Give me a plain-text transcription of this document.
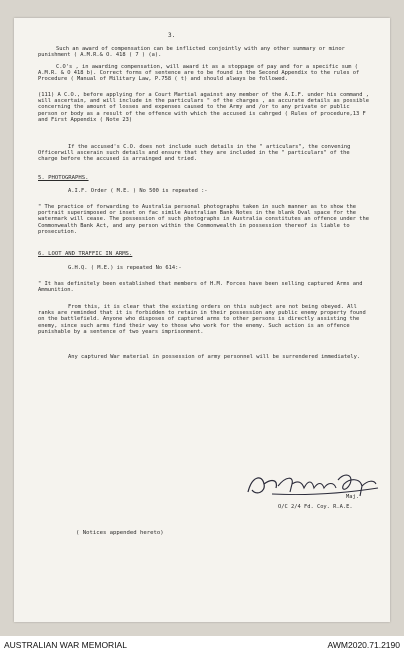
3.
Such an award of compensation can be inflicted conjointly with any other summary or minor punishment ( A.M.R.& O. 418 ( 7 ) (a).
C.O's , in awarding compensation, will award it as a stoppage of pay and for a specific sum ( A.M.R. & O 418 b). Correct forms of sentence are to be found in the Second Appendix to the rules of Procedure ( Manual of Military Law, P.758 ( t) and should always be followed.
(111) A C.O., before applying for a Court Martial against any member of the A.I.F. under his command , will ascertain, and will include in the particulars " of the charges , as accurate details as possible concerning the amount of losses and expenses caused to the Army and /or to any private or public person or body as a result of the offence with which the accused is cahrged ( Rules of procedure,13 F and First Appendix ( Note 23)
If the accused's C.O. does not include such details in the " articulars", the convening Officerwill ascerain such details and ensure that they are included in the " particulars" of the charge before the accused is arrainged and tried.
5. PHOTOGRAPHS.
A.I.F. Order ( M.E. ) No 500 is repeated :-
" The practice of forwarding to Australia personal photographs taken in such manner as to show the portrait superimposed or inset on fac simile Australian Bank Notes in the blank Oval space for the watermark will cease. The possession of such photographs in Australia constitutes an offence under the Commonwealth Bank Act, and any person within the Commonwealth in possession thereof is liable to prosecution.
6. LOOT AND TRAFFIC IN ARMS.
G.H.Q. ( M.E.) is repeated No 614:-
" It has definitely been established that members of H.M. Forces have been selling captured Arms and Ammunition.
From this, it is clear that the existing orders on this subject are not being obeyed. All ranks are reminded that it is forbidden to retain in their possession any public enemy property found on the battlefield. Anyone who disposes of captured arms to other persons is directly assisting the enemy, since such arms find their way to those who work for the enemy. Such action is an offence punishable by a sentence of two years imprisonment.
Any captured War material in possession of army personnel will be surrendered immediately.
Maj.
O/C 2/4 Fd. Coy. R.A.E.
( Notices appended hereto)
AUSTRALIAN WAR MEMORIAL	AWM2020.71.2190
